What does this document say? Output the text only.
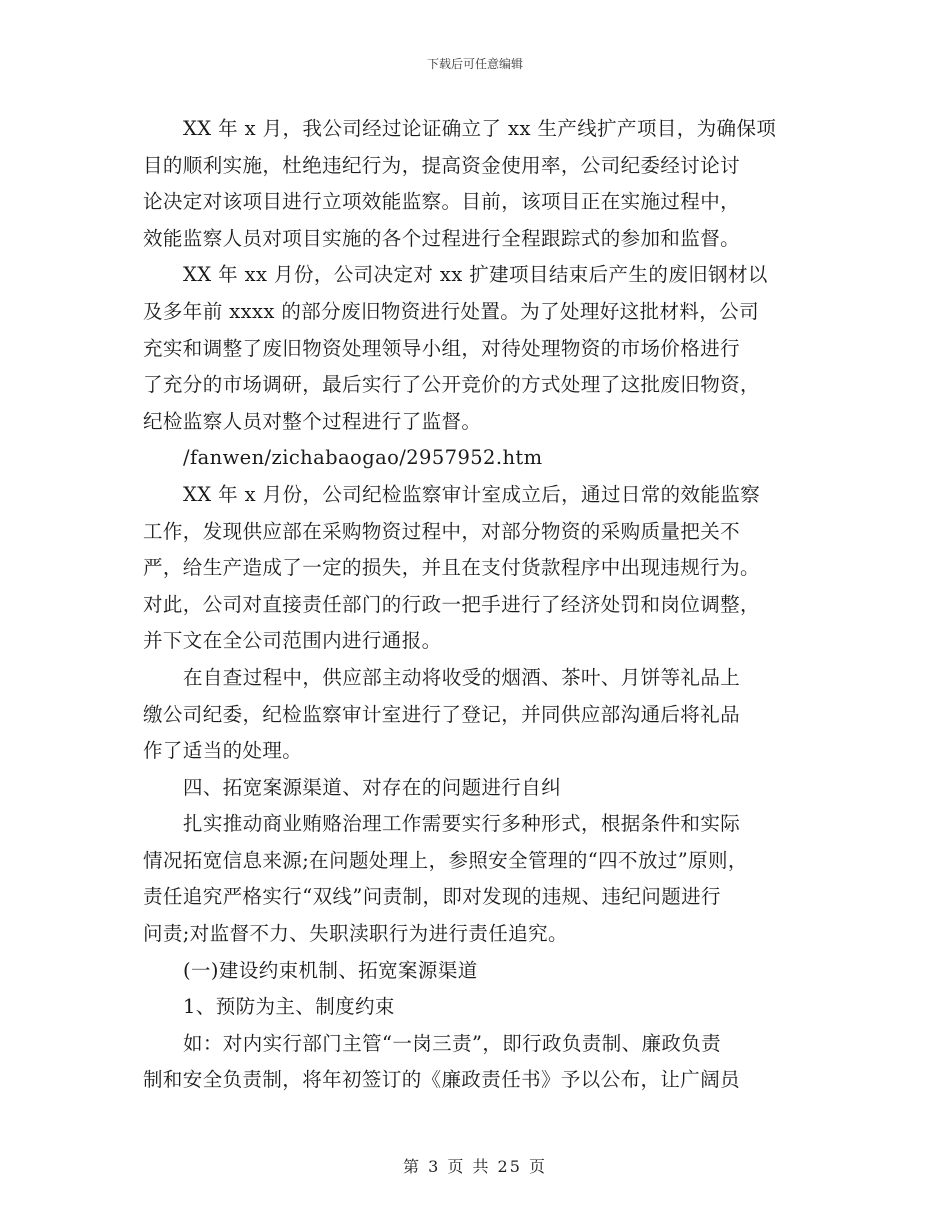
下载后可任意编辑
XX 年 x 月，我公司经过论证确立了 xx 生产线扩产项目，为确保项
目的顺利实施，杜绝违纪行为，提高资金使用率，公司纪委经讨论讨
论决定对该项目进行立项效能监察。目前，该项目正在实施过程中，
效能监察人员对项目实施的各个过程进行全程跟踪式的参加和监督。
XX 年 xx 月份，公司决定对 xx 扩建项目结束后产生的废旧钢材以
及多年前 xxxx 的部分废旧物资进行处置。为了处理好这批材料，公司
充实和调整了废旧物资处理领导小组，对待处理物资的市场价格进行
了充分的市场调研，最后实行了公开竞价的方式处理了这批废旧物资，
纪检监察人员对整个过程进行了监督。
/fanwen/zichabaogao/2957952.htm
XX 年 x 月份，公司纪检监察审计室成立后，通过日常的效能监察
工作，发现供应部在采购物资过程中，对部分物资的采购质量把关不
严，给生产造成了一定的损失，并且在支付货款程序中出现违规行为。
对此，公司对直接责任部门的行政一把手进行了经济处罚和岗位调整，
并下文在全公司范围内进行通报。
在自查过程中，供应部主动将收受的烟酒、茶叶、月饼等礼品上
缴公司纪委，纪检监察审计室进行了登记，并同供应部沟通后将礼品
作了适当的处理。
四、拓宽案源渠道、对存在的问题进行自纠
扎实推动商业贿赂治理工作需要实行多种形式，根据条件和实际
情况拓宽信息来源;在问题处理上，参照安全管理的“四不放过”原则，
责任追究严格实行“双线”问责制，即对发现的违规、违纪问题进行
问责;对监督不力、失职渎职行为进行责任追究。
(一)建设约束机制、拓宽案源渠道
1、预防为主、制度约束
如：对内实行部门主管“一岗三责”，即行政负责制、廉政负责
制和安全负责制，将年初签订的《廉政责任书》予以公布，让广阔员
第 3 页 共 25 页
